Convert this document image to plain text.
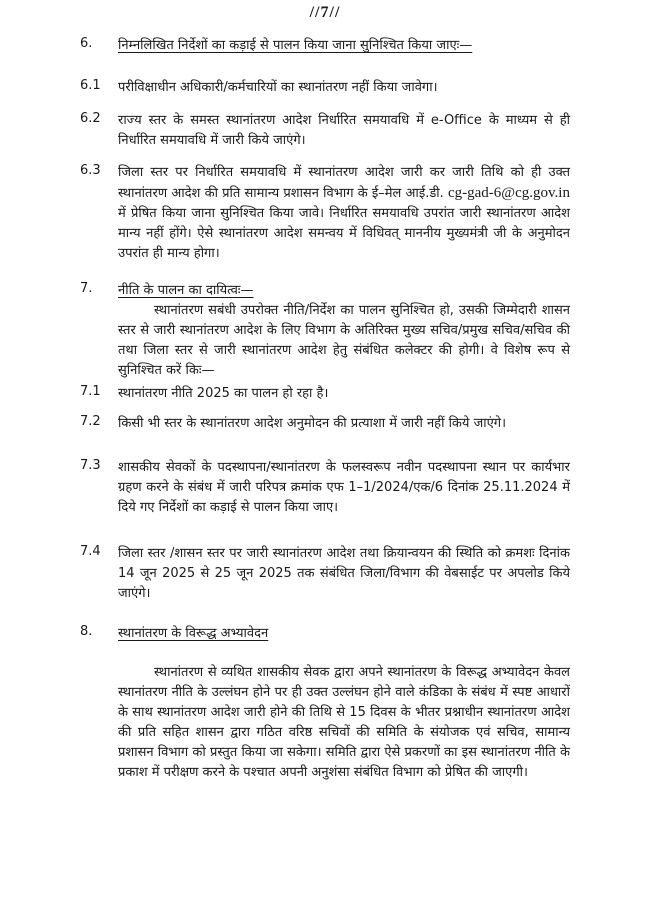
//7//
6. निम्नलिखित निर्देशों का कड़ाई से पालन किया जाना सुनिश्चित किया जाएः—
6.1 परीविक्षाधीन अधिकारी/कर्मचारियों का स्थानांतरण नहीं किया जावेगा।
6.2 राज्य स्तर के समस्त स्थानांतरण आदेश निर्धारित समयावधि में e-Office के माध्यम से ही निर्धारित समयावधि में जारी किये जाएंगे।
6.3 जिला स्तर पर निर्धारित समयावधि में स्थानांतरण आदेश जारी कर जारी तिथि को ही उक्त स्थानांतरण आदेश की प्रति सामान्य प्रशासन विभाग के ई–मेल आई.डी. cg-gad-6@cg.gov.in में प्रेषित किया जाना सुनिश्चित किया जावे। निर्धारित समयावधि उपरांत जारी स्थानांतरण आदेश मान्य नहीं होंगे। ऐसे स्थानांतरण आदेश समन्वय में विधिवत् माननीय मुख्यमंत्री जी के अनुमोदन उपरांत ही मान्य होगा।
7. नीति के पालन का दायित्वः—
स्थानांतरण सबंधी उपरोक्त नीति/निर्देश का पालन सुनिश्चित हो, उसकी जिम्मेदारी शासन स्तर से जारी स्थानांतरण आदेश के लिए विभाग के अतिरिक्त मुख्य सचिव/प्रमुख सचिव/सचिव की तथा जिला स्तर से जारी स्थानांतरण आदेश हेतु संबंधित कलेक्टर की होगी। वे विशेष रूप से सुनिश्चित करें किः—
7.1 स्थानांतरण नीति 2025 का पालन हो रहा है।
7.2 किसी भी स्तर के स्थानांतरण आदेश अनुमोदन की प्रत्याशा में जारी नहीं किये जाएंगे।
7.3 शासकीय सेवकों के पदस्थापना/स्थानांतरण के फलस्वरूप नवीन पदस्थापना स्थान पर कार्यभार ग्रहण करने के संबंध में जारी परिपत्र क्रमांक एफ 1–1/2024/एक/6 दिनांक 25.11.2024 में दिये गए निर्देशों का कड़ाई से पालन किया जाए।
7.4 जिला स्तर /शासन स्तर पर जारी स्थानांतरण आदेश तथा क्रियान्वयन की स्थिति को क्रमशः दिनांक 14 जून 2025 से 25 जून 2025 तक संबंधित जिला/विभाग की वेबसाईट पर अपलोड किये जाएंगे।
8. स्थानांतरण के विरूद्ध अभ्यावेदन
स्थानांतरण से व्यथित शासकीय सेवक द्वारा अपने स्थानांतरण के विरूद्ध अभ्यावेदन केवल स्थानांतरण नीति के उल्लंघन होने पर ही उक्त उल्लंघन होने वाले कंडिका के संबंध में स्पष्ट आधारों के साथ स्थानांतरण आदेश जारी होने की तिथि से 15 दिवस के भीतर प्रश्नाधीन स्थानांतरण आदेश की प्रति सहित शासन द्वारा गठित वरिष्ठ सचिवों की समिति के संयोजक एवं सचिव, सामान्य प्रशासन विभाग को प्रस्तुत किया जा सकेगा। समिति द्वारा ऐसे प्रकरणों का इस स्थानांतरण नीति के प्रकाश में परीक्षण करने के पश्चात अपनी अनुशंसा संबंधित विभाग को प्रेषित की जाएगी।
